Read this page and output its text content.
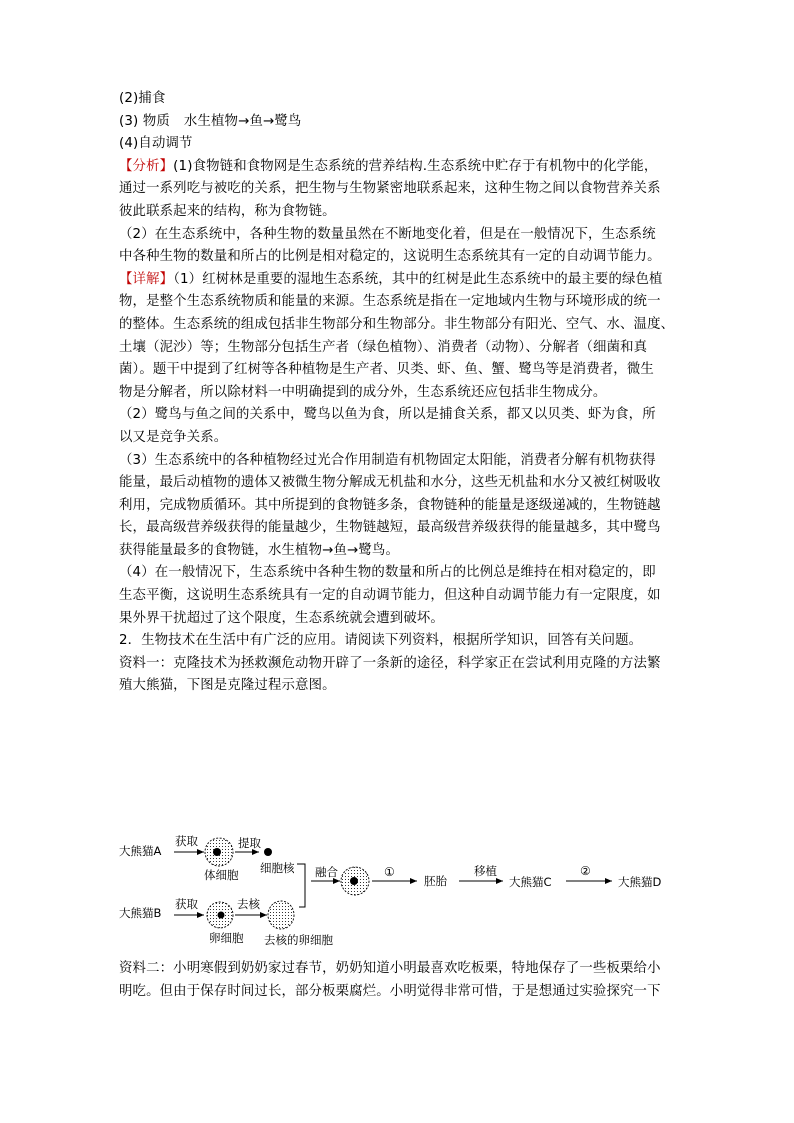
(2)捕食
(3) 物质 水生植物→鱼→鹭鸟
(4)自动调节
【分析】(1)食物链和食物网是生态系统的营养结构.生态系统中贮存于有机物中的化学能，
通过一系列吃与被吃的关系，把生物与生物紧密地联系起来，这种生物之间以食物营养关系
彼此联系起来的结构，称为食物链。
（2）在生态系统中，各种生物的数量虽然在不断地变化着，但是在一般情况下，生态系统
中各种生物的数量和所占的比例是相对稳定的，这说明生态系统其有一定的自动调节能力。
【详解】（1）红树林是重要的湿地生态系统，其中的红树是此生态系统中的最主要的绿色植
物，是整个生态系统物质和能量的来源。生态系统是指在一定地域内生物与环境形成的统一
的整体。生态系统的组成包括非生物部分和生物部分。非生物部分有阳光、空气、水、温度、
土壤（泥沙）等；生物部分包括生产者（绿色植物）、消费者（动物）、分解者（细菌和真
菌）。题干中提到了红树等各种植物是生产者、贝类、虾、鱼、蟹、鹭鸟等是消费者，微生
物是分解者，所以除材料一中明确提到的成分外，生态系统还应包括非生物成分。
（2）鹭鸟与鱼之间的关系中，鹭鸟以鱼为食，所以是捕食关系，都又以贝类、虾为食，所
以又是竞争关系。
（3）生态系统中的各种植物经过光合作用制造有机物固定太阳能，消费者分解有机物获得
能量，最后动植物的遗体又被微生物分解成无机盐和水分，这些无机盐和水分又被红树吸收
利用，完成物质循环。其中所提到的食物链多条，食物链种的能量是逐级递减的，生物链越
长，最高级营养级获得的能量越少，生物链越短，最高级营养级获得的能量越多，其中鹭鸟
获得能量最多的食物链，水生植物→鱼→鹭鸟。
（4）在一般情况下，生态系统中各种生物的数量和所占的比例总是维持在相对稳定的，即
生态平衡，这说明生态系统具有一定的自动调节能力，但这种自动调节能力有一定限度，如
果外界干扰超过了这个限度，生态系统就会遭到破坏。
2．生物技术在生活中有广泛的应用。请阅读下列资料，根据所学知识，回答有关问题。
资料一：克隆技术为拯救濒危动物开辟了一条新的途径，科学家正在尝试利用克隆的方法繁
殖大熊猫，下图是克隆过程示意图。
大熊猫A
获取
体细胞
提取
细胞核
大熊猫B
获取
卵细胞
去核
去核的卵细胞
融合	①
胚胎
移植
大熊猫C
②
大熊猫D
资料二：小明寒假到奶奶家过春节，奶奶知道小明最喜欢吃板栗，特地保存了一些板栗给小
明吃。但由于保存时间过长，部分板栗腐烂。小明觉得非常可惜，于是想通过实验探究一下
